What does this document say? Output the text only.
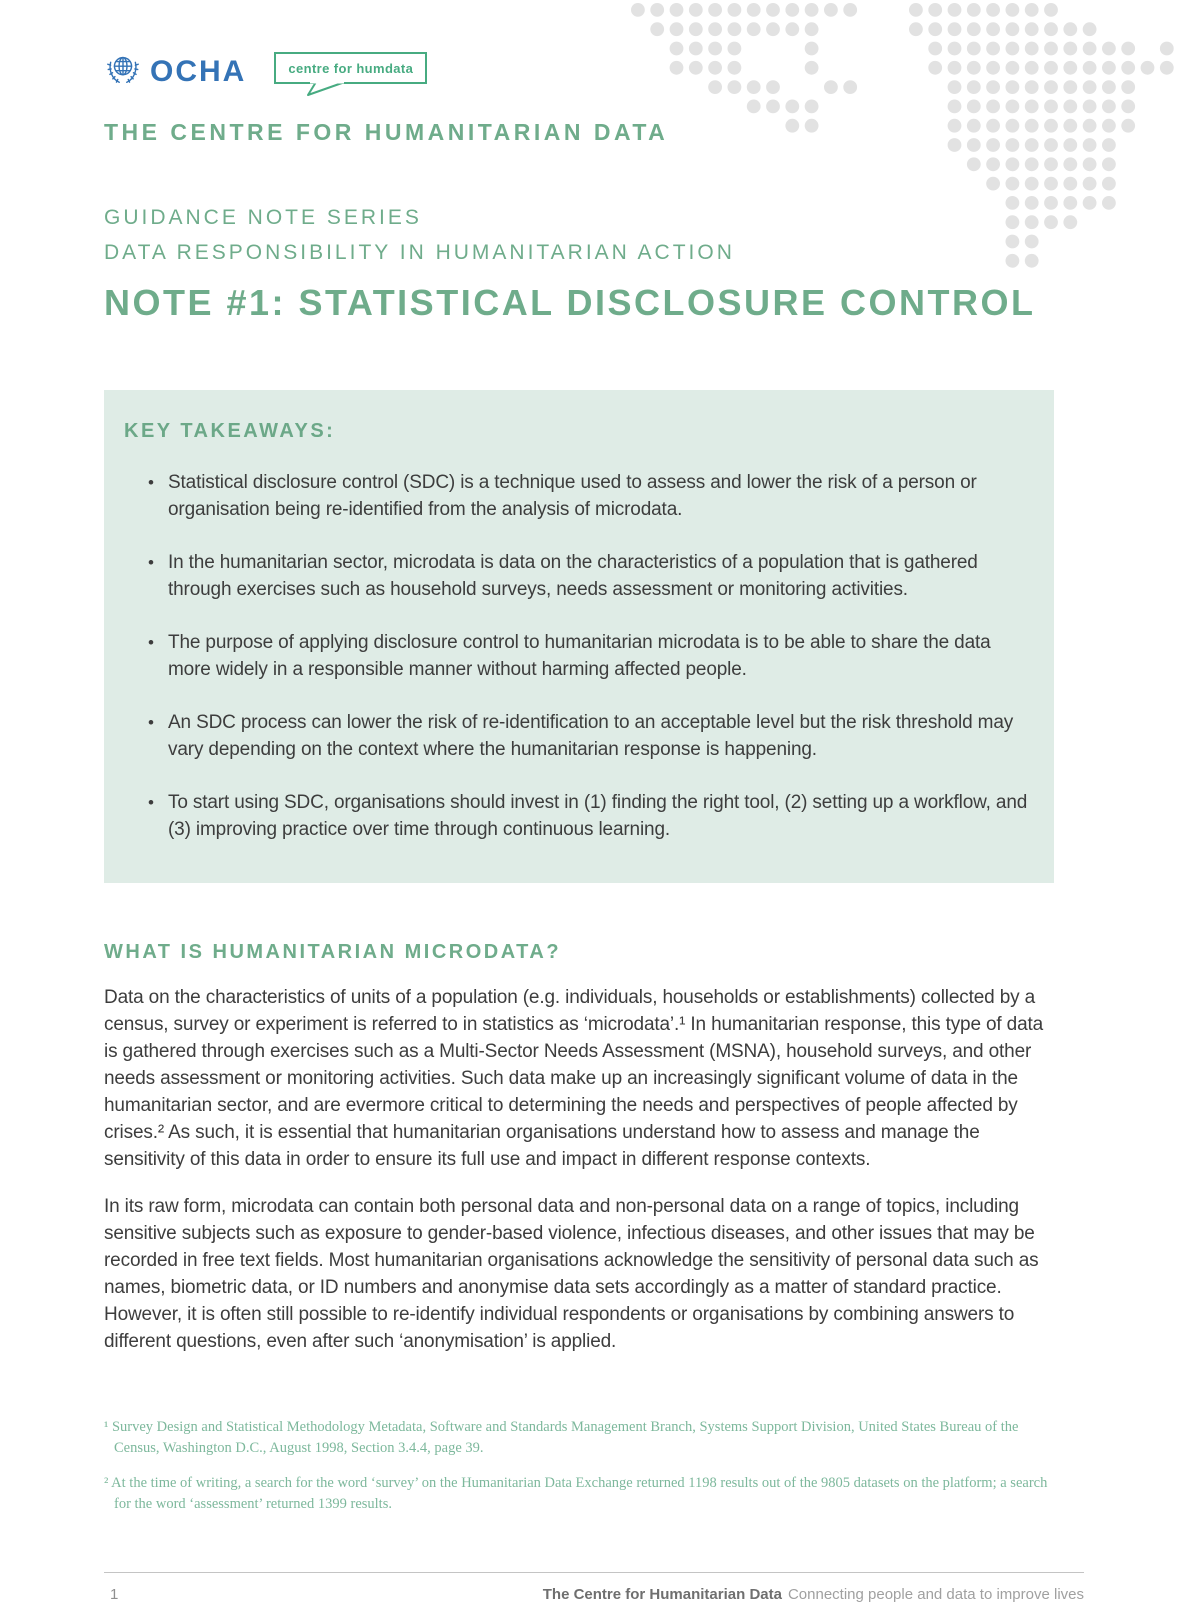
OCHA	centre for humdata
THE CENTRE FOR HUMANITARIAN DATA
GUIDANCE NOTE SERIES
DATA RESPONSIBILITY IN HUMANITARIAN ACTION
NOTE #1: STATISTICAL DISCLOSURE CONTROL
KEY TAKEAWAYS:
• Statistical disclosure control (SDC) is a technique used to assess and lower the risk of a person or organisation being re-identified from the analysis of microdata.
• In the humanitarian sector, microdata is data on the characteristics of a population that is gathered through exercises such as household surveys, needs assessment or monitoring activities.
• The purpose of applying disclosure control to humanitarian microdata is to be able to share the data more widely in a responsible manner without harming affected people.
• An SDC process can lower the risk of re-identification to an acceptable level but the risk threshold may vary depending on the context where the humanitarian response is happening.
• To start using SDC, organisations should invest in (1) finding the right tool, (2) setting up a workflow, and (3) improving practice over time through continuous learning.
WHAT IS HUMANITARIAN MICRODATA?

Data on the characteristics of units of a population (e.g. individuals, households or establishments) collected by a census, survey or experiment is referred to in statistics as ‘microdata’.¹ In humanitarian response, this type of data is gathered through exercises such as a Multi-Sector Needs Assessment (MSNA), household surveys, and other needs assessment or monitoring activities. Such data make up an increasingly significant volume of data in the humanitarian sector, and are evermore critical to determining the needs and perspectives of people affected by crises.² As such, it is essential that humanitarian organisations understand how to assess and manage the sensitivity of this data in order to ensure its full use and impact in different response contexts.

In its raw form, microdata can contain both personal data and non-personal data on a range of topics, including sensitive subjects such as exposure to gender-based violence, infectious diseases, and other issues that may be recorded in free text fields. Most humanitarian organisations acknowledge the sensitivity of personal data such as names, biometric data, or ID numbers and anonymise data sets accordingly as a matter of standard practice. However, it is often still possible to re-identify individual respondents or organisations by combining answers to different questions, even after such ‘anonymisation’ is applied.

¹ Survey Design and Statistical Methodology Metadata, Software and Standards Management Branch, Systems Support Division, United States Bureau of the Census, Washington D.C., August 1998, Section 3.4.4, page 39.

² At the time of writing, a search for the word ‘survey’ on the Humanitarian Data Exchange returned 1198 results out of the 9805 datasets on the platform; a search for the word ‘assessment’ returned 1399 results.

1	The Centre for Humanitarian Data Connecting people and data to improve lives
